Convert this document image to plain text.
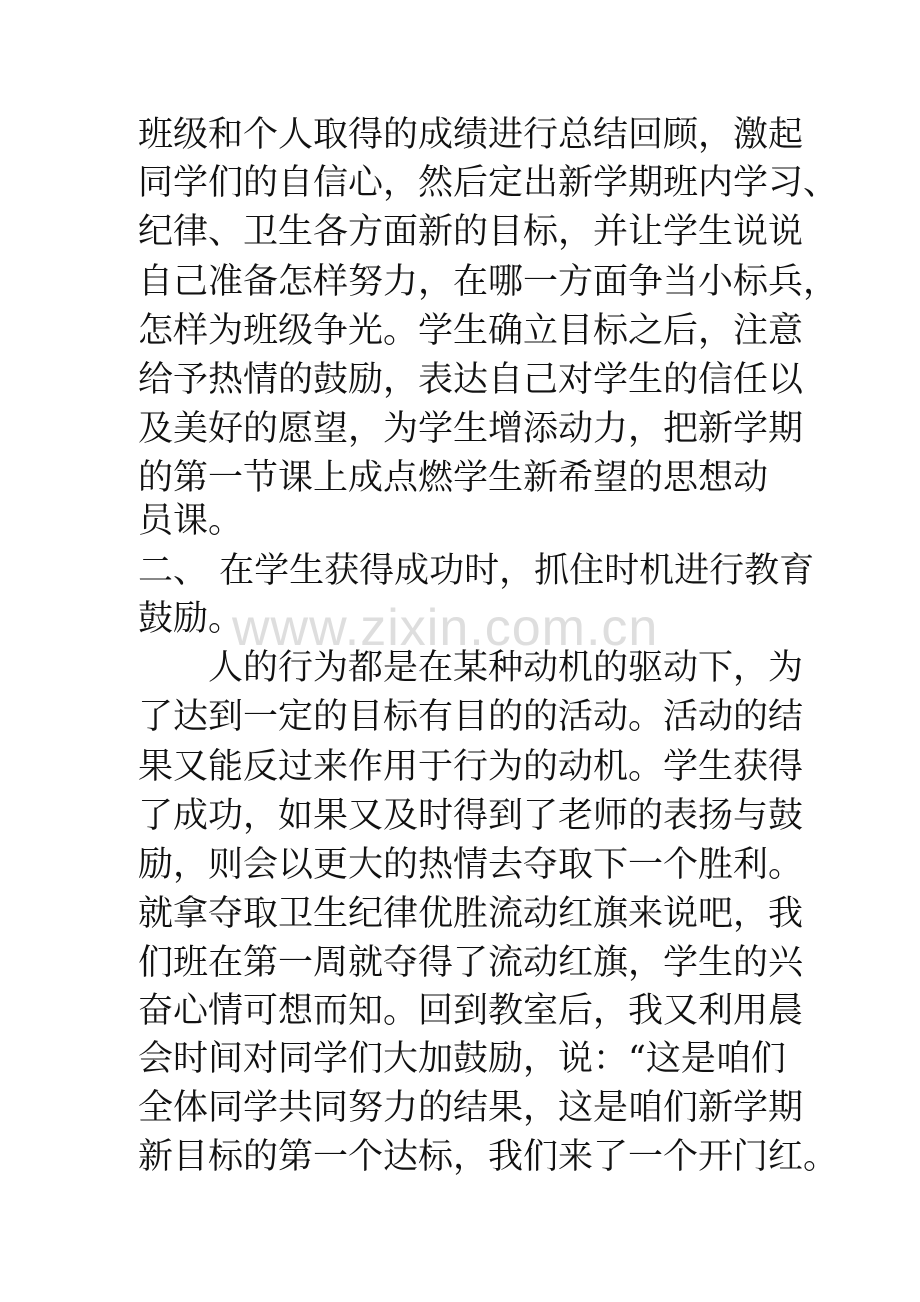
班级和个人取得的成绩进行总结回顾，激起
同学们的自信心，然后定出新学期班内学习、
纪律、卫生各方面新的目标，并让学生说说
自己准备怎样努力，在哪一方面争当小标兵，
怎样为班级争光。学生确立目标之后，注意
给予热情的鼓励，表达自己对学生的信任以
及美好的愿望，为学生增添动力，把新学期
的第一节课上成点燃学生新希望的思想动
员课。
二、 在学生获得成功时，抓住时机进行教育
鼓励。
人的行为都是在某种动机的驱动下，为
了达到一定的目标有目的的活动。活动的结
果又能反过来作用于行为的动机。学生获得
了成功，如果又及时得到了老师的表扬与鼓
励，则会以更大的热情去夺取下一个胜利。
就拿夺取卫生纪律优胜流动红旗来说吧，我
们班在第一周就夺得了流动红旗，学生的兴
奋心情可想而知。回到教室后，我又利用晨
会时间对同学们大加鼓励，说：“这是咱们
全体同学共同努力的结果，这是咱们新学期
新目标的第一个达标，我们来了一个开门红。
www.zixin.com.cn
